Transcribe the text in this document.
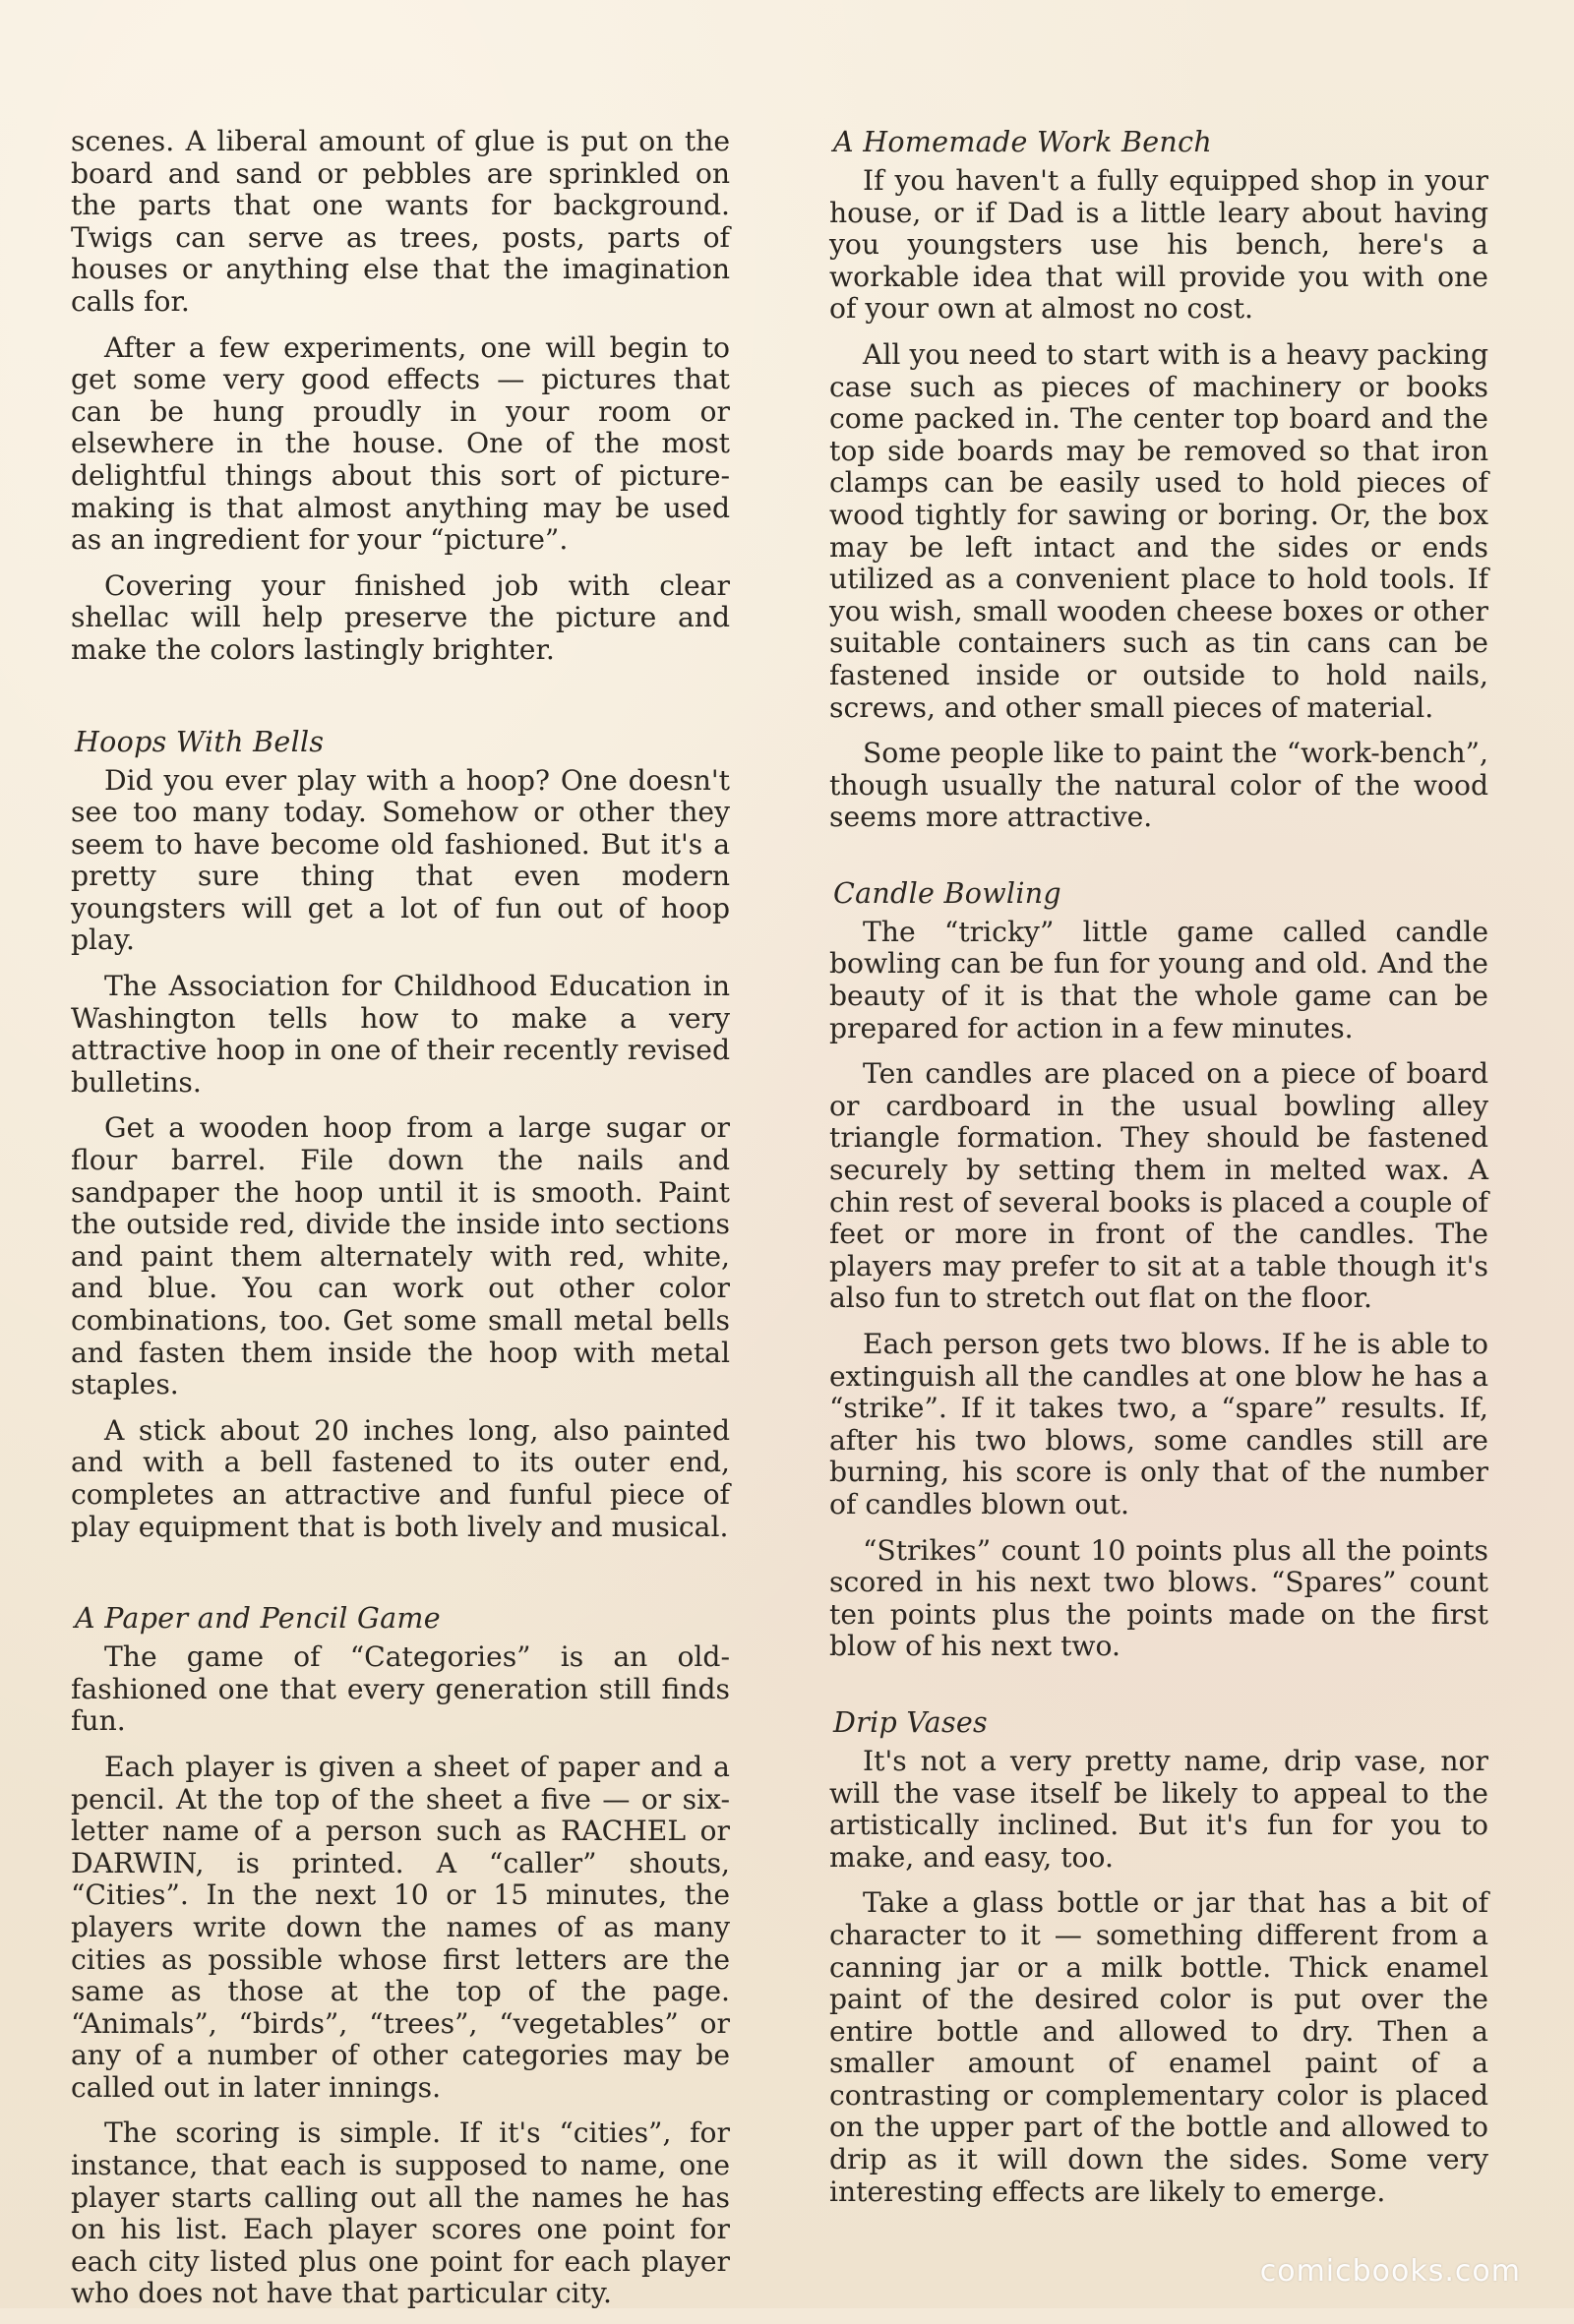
scenes. A liberal amount of glue is put on the board and sand or pebbles are sprinkled on the parts that one wants for background. Twigs can serve as trees, posts, parts of houses or anything else that the imagination calls for.

After a few experiments, one will begin to get some very good effects — pictures that can be hung proudly in your room or elsewhere in the house. One of the most delightful things about this sort of picture-making is that almost anything may be used as an ingredient for your “picture”.

Covering your finished job with clear shellac will help preserve the picture and make the colors lastingly brighter.

Hoops With Bells

Did you ever play with a hoop? One doesn't see too many today. Somehow or other they seem to have become old fashioned. But it's a pretty sure thing that even modern youngsters will get a lot of fun out of hoop play.

The Association for Childhood Education in Washington tells how to make a very attractive hoop in one of their recently revised bulletins.

Get a wooden hoop from a large sugar or flour barrel. File down the nails and sandpaper the hoop until it is smooth. Paint the outside red, divide the inside into sections and paint them alternately with red, white, and blue. You can work out other color combinations, too. Get some small metal bells and fasten them inside the hoop with metal staples.

A stick about 20 inches long, also painted and with a bell fastened to its outer end, completes an attractive and funful piece of play equipment that is both lively and musical.

A Paper and Pencil Game

The game of “Categories” is an old-fashioned one that every generation still finds fun.

Each player is given a sheet of paper and a pencil. At the top of the sheet a five — or six-letter name of a person such as RACHEL or DARWIN, is printed. A “caller” shouts, “Cities”. In the next 10 or 15 minutes, the players write down the names of as many cities as possible whose first letters are the same as those at the top of the page. “Animals”, “birds”, “trees”, “vegetables” or any of a number of other categories may be called out in later innings.

The scoring is simple. If it's “cities”, for instance, that each is supposed to name, one player starts calling out all the names he has on his list. Each player scores one point for each city listed plus one point for each player who does not have that particular city.

A Homemade Work Bench

If you haven't a fully equipped shop in your house, or if Dad is a little leary about having you youngsters use his bench, here's a workable idea that will provide you with one of your own at almost no cost.

All you need to start with is a heavy packing case such as pieces of machinery or books come packed in. The center top board and the top side boards may be removed so that iron clamps can be easily used to hold pieces of wood tightly for sawing or boring. Or, the box may be left intact and the sides or ends utilized as a convenient place to hold tools. If you wish, small wooden cheese boxes or other suitable containers such as tin cans can be fastened inside or outside to hold nails, screws, and other small pieces of material.

Some people like to paint the “work-bench”, though usually the natural color of the wood seems more attractive.

Candle Bowling

The “tricky” little game called candle bowling can be fun for young and old. And the beauty of it is that the whole game can be prepared for action in a few minutes.

Ten candles are placed on a piece of board or cardboard in the usual bowling alley triangle formation. They should be fastened securely by setting them in melted wax. A chin rest of several books is placed a couple of feet or more in front of the candles. The players may prefer to sit at a table though it's also fun to stretch out flat on the floor.

Each person gets two blows. If he is able to extinguish all the candles at one blow he has a “strike”. If it takes two, a “spare” results. If, after his two blows, some candles still are burning, his score is only that of the number of candles blown out.

“Strikes” count 10 points plus all the points scored in his next two blows. “Spares” count ten points plus the points made on the first blow of his next two.

Drip Vases

It's not a very pretty name, drip vase, nor will the vase itself be likely to appeal to the artistically inclined. But it's fun for you to make, and easy, too.

Take a glass bottle or jar that has a bit of character to it — something different from a canning jar or a milk bottle. Thick enamel paint of the desired color is put over the entire bottle and allowed to dry. Then a smaller amount of enamel paint of a contrasting or complementary color is placed on the upper part of the bottle and allowed to drip as it will down the sides. Some very interesting effects are likely to emerge.

comicbooks.com
